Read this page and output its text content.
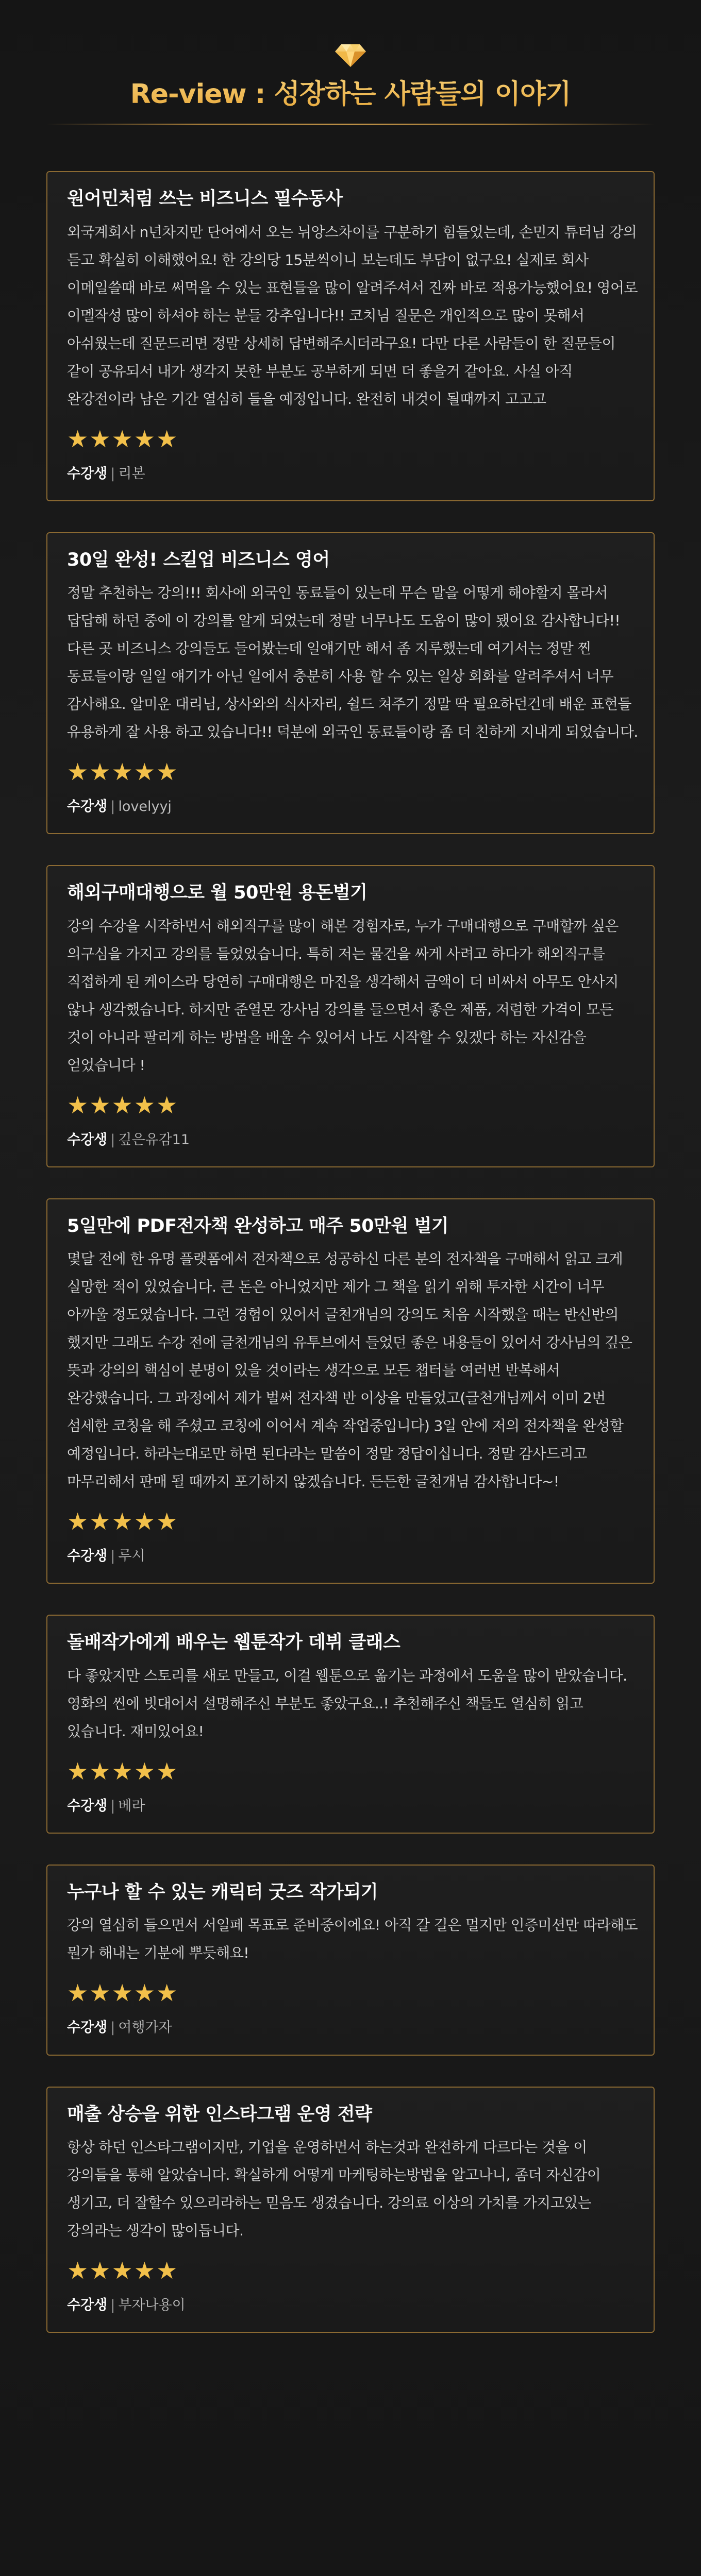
Re-view : 성장하는 사람들의 이야기
원어민처럼 쓰는 비즈니스 필수동사

외국계회사 n년차지만 단어에서 오는 뉘앙스차이를 구분하기 힘들었는데, 손민지 튜터님 강의 듣고 확실히 이해했어요! 한 강의당 15분씩이니 보는데도 부담이 없구요! 실제로 회사 이메일쓸때 바로 써먹을 수 있는 표현들을 많이 알려주셔서 진짜 바로 적용가능했어요! 영어로 이멜작성 많이 하셔야 하는 분들 강추입니다!! 코치님 질문은 개인적으로 많이 못해서 아쉬웠는데 질문드리면 정말 상세히 답변해주시더라구요! 다만 다른 사람들이 한 질문들이 같이 공유되서 내가 생각지 못한 부분도 공부하게 되면 더 좋을거 같아요. 사실 아직 완강전이라 남은 기간 열심히 들을 예정입니다. 완전히 내것이 될때까지 고고고

★ ★ ★ ★ ★
수강생 | 리본
30일 완성! 스킬업 비즈니스 영어

정말 추천하는 강의!!! 회사에 외국인 동료들이 있는데 무슨 말을 어떻게 해야할지 몰라서 답답해 하던 중에 이 강의를 알게 되었는데 정말 너무나도 도움이 많이 됐어요 감사합니다!! 다른 곳 비즈니스 강의들도 들어봤는데 일얘기만 해서 좀 지루했는데 여기서는 정말 찐 동료들이랑 일일 얘기가 아닌 일에서 충분히 사용 할 수 있는 일상 회화를 알려주셔서 너무 감사해요. 알미운 대리님, 상사와의 식사자리, 쉴드 쳐주기 정말 딱 필요하던건데 배운 표현들 유용하게 잘 사용 하고 있습니다!! 덕분에 외국인 동료들이랑 좀 더 친하게 지내게 되었습니다.

★ ★ ★ ★ ★
수강생 | lovelyyj
해외구매대행으로 월 50만원 용돈벌기

강의 수강을 시작하면서 해외직구를 많이 해본 경험자로, 누가 구매대행으로 구매할까 싶은 의구심을 가지고 강의를 들었었습니다. 특히 저는 물건을 싸게 사려고 하다가 해외직구를 직접하게 된 케이스라 당연히 구매대행은 마진을 생각해서 금액이 더 비싸서 아무도 안사지 않나 생각했습니다. 하지만 준열몬 강사님 강의를 들으면서 좋은 제품, 저렴한 가격이 모든 것이 아니라 팔리게 하는 방법을 배울 수 있어서 나도 시작할 수 있겠다 하는 자신감을 얻었습니다 !

★ ★ ★ ★ ★
수강생 | 깊은유감11
5일만에 PDF전자책 완성하고 매주 50만원 벌기

몇달 전에 한 유명 플랫폼에서 전자책으로 성공하신 다른 분의 전자책을 구매해서 읽고 크게 실망한 적이 있었습니다. 큰 돈은 아니었지만 제가 그 책을 읽기 위해 투자한 시간이 너무 아까울 정도였습니다. 그런 경험이 있어서 글천개님의 강의도 처음 시작했을 때는 반신반의 했지만 그래도 수강 전에 글천개님의 유투브에서 들었던 좋은 내용들이 있어서 강사님의 깊은 뜻과 강의의 핵심이 분명이 있을 것이라는 생각으로 모든 챕터를 여러번 반복해서 완강했습니다. 그 과정에서 제가 벌써 전자책 반 이상을 만들었고(글천개님께서 이미 2번 섬세한 코칭을 해 주셨고 코칭에 이어서 계속 작업중입니다) 3일 안에 저의 전자책을 완성할 예정입니다. 하라는대로만 하면 된다라는 말씀이 정말 정답이십니다. 정말 감사드리고 마무리해서 판매 될 때까지 포기하지 않겠습니다. 든든한 글천개님 감사합니다~!

★ ★ ★ ★ ★
수강생 | 루시
돌배작가에게 배우는 웹툰작가 데뷔 클래스

다 좋았지만 스토리를 새로 만들고, 이걸 웹툰으로 옮기는 과정에서 도움을 많이 받았습니다. 영화의 씬에 빗대어서 설명해주신 부분도 좋았구요..! 추천해주신 책들도 열심히 읽고 있습니다. 재미있어요!

★ ★ ★ ★ ★
수강생 | 베라
누구나 할 수 있는 캐릭터 굿즈 작가되기

강의 열심히 들으면서 서일페 목표로 준비중이에요! 아직 갈 길은 멀지만 인증미션만 따라해도 뭔가 해내는 기분에 뿌듯해요!

★ ★ ★ ★ ★
수강생 | 여행가자
매출 상승을 위한 인스타그램 운영 전략

항상 하던 인스타그램이지만, 기업을 운영하면서 하는것과 완전하게 다르다는 것을 이 강의들을 통해 알았습니다. 확실하게 어떻게 마케팅하는방법을 알고나니, 좀더 자신감이 생기고, 더 잘할수 있으리라하는 믿음도 생겼습니다. 강의료 이상의 가치를 가지고있는 강의라는 생각이 많이듭니다.

★ ★ ★ ★ ★
수강생 | 부자나용이
